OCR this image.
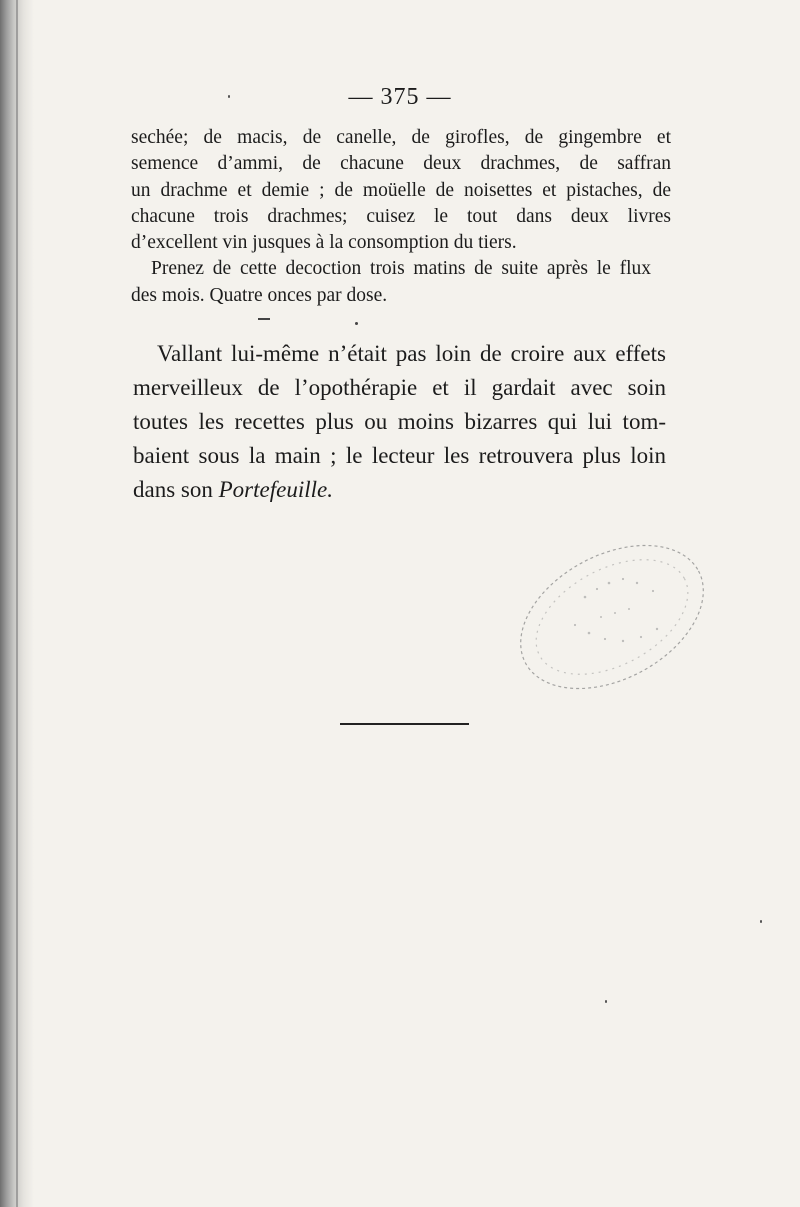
— 375 —
sechée; de macis, de canelle, de girofles, de gingembre et
semence d’ammi, de chacune deux drachmes, de saffran
un drachme et demie ; de moüelle de noisettes et pistaches, de
chacune trois drachmes; cuisez le tout dans deux livres
d’excellent vin jusques à la consomption du tiers.
Prenez de cette decoction trois matins de suite après le flux
des mois. Quatre onces par dose.
Vallant lui-même n’était pas loin de croire aux effets
merveilleux de l’opothérapie et il gardait avec soin
toutes les recettes plus ou moins bizarres qui lui tom-
baient sous la main ; le lecteur les retrouvera plus loin
dans son Portefeuille.
